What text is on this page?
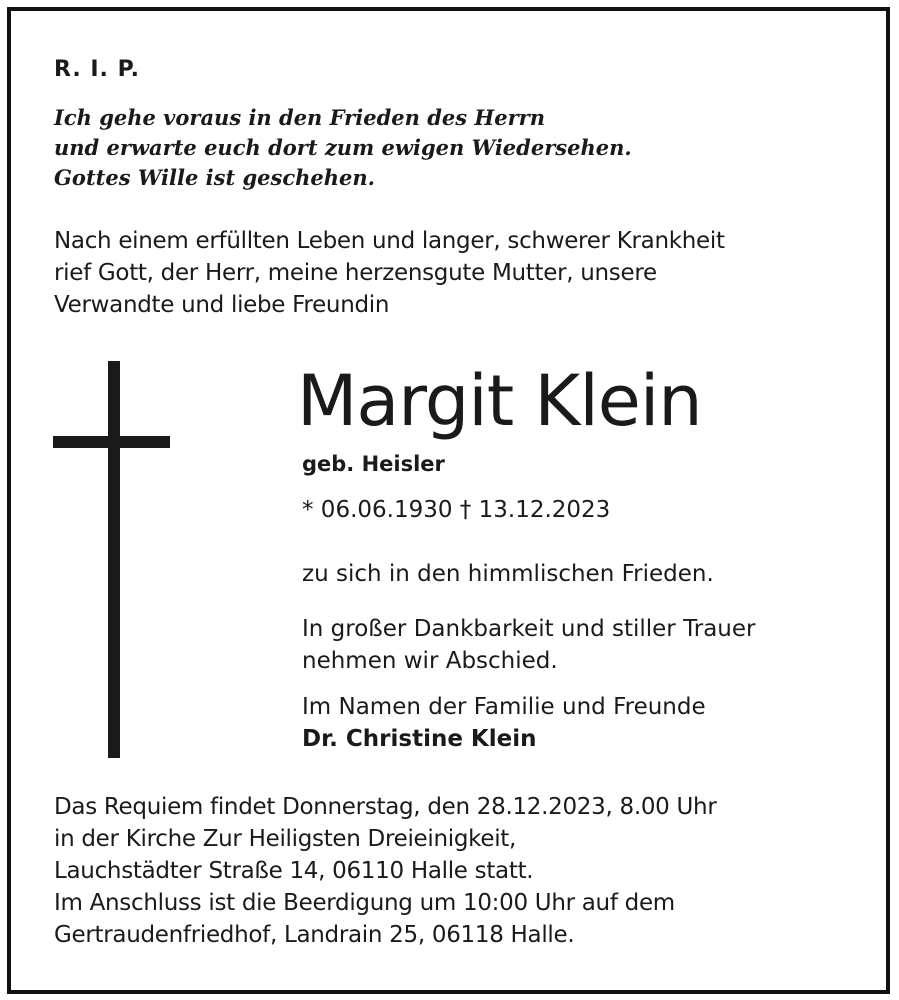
R. I. P.
Ich gehe voraus in den Frieden des Herrn
und erwarte euch dort zum ewigen Wiedersehen.
Gottes Wille ist geschehen.
Nach einem erfüllten Leben und langer, schwerer Krankheit
rief Gott, der Herr, meine herzensgute Mutter, unsere
Verwandte und liebe Freundin
Margit Klein
geb. Heisler
* 06.06.1930 † 13.12.2023
zu sich in den himmlischen Frieden.
In großer Dankbarkeit und stiller Trauer
nehmen wir Abschied.
Im Namen der Familie und Freunde
Dr. Christine Klein
Das Requiem findet Donnerstag, den 28.12.2023, 8.00 Uhr
in der Kirche Zur Heiligsten Dreieinigkeit,
Lauchstädter Straße 14, 06110 Halle statt.
Im Anschluss ist die Beerdigung um 10:00 Uhr auf dem
Gertraudenfriedhof, Landrain 25, 06118 Halle.
